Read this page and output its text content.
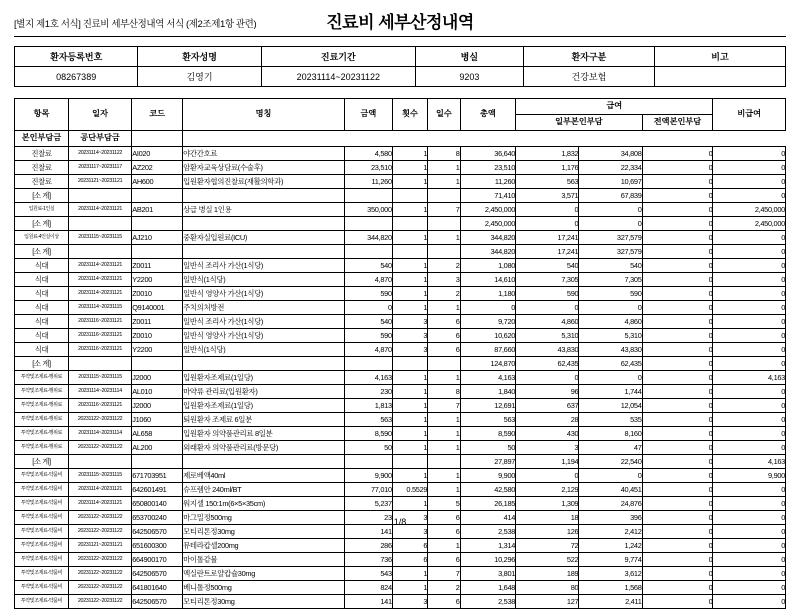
[별지 제1호 서식] 진료비 세부산정내역 서식 (제2조제1항 관련)	진료비 세부산정내역
환자등록번호	환자성명	진료기간	병실	환자구분	비고
08267389	김영기	20231114~20231122	9203	건강보험	
항목	일자	코드	명칭	금액	횟수	일수	총액	급여			비급여
								일부본인부담		전액본인부담	
본인부담금	공단부담금										
진찰료	20231114~20231122	AI020	야간간호료	4,580	1	8	36,640	1,832	34,808	0	0
진찰료	20231117~20231117	AZ202	암환자교육상담료(수술후)	23,510	1	1	23,510	1,176	22,334	0	0
진찰료	20231121~20231121	AH600	입원환자협의진찰료(재활의학과)	11,260	1	1	11,260	563	10,697	0	0
[소 계]							71,410	3,571	67,839	0	0
입원료-1인실	20231114~20231121	AB201	상급 병실 1인용	350,000	1	7	2,450,000	0	0	0	2,450,000
[소 계]							2,450,000	0	0	0	2,450,000
입원료-4인실이상	20231115~20231115	AJ210	중환자실입원료(ICU)	344,820	1	1	344,820	17,241	327,579	0	0
[소 계]							344,820	17,241	327,579	0	0
식대	20231114~20231121	Z0011	일반식 조리사 가산(1식당)	540	1	2	1,080	540	540	0	0
식대	20231114~20231121	Y2200	일반식(1식당)	4,870	1	3	14,610	7,305	7,305	0	0
식대	20231114~20231121	Z0010	일반식 영양사 가산(1식당)	590	1	2	1,180	590	590	0	0
식대	20231114~20231115	Q9140001	주치의처방전	0	1	1	0	0	0	0	0
식대	20231116~20231121	Z0011	일반식 조리사 가산(1식당)	540	3	6	9,720	4,860	4,860	0	0
식대	20231116~20231121	Z0010	일반식 영양사 가산(1식당)	590	3	6	10,620	5,310	5,310	0	0
식대	20231116~20231121	Y2200	일반식(1식당)	4,870	3	6	87,660	43,830	43,830	0	0
[소 계]							124,870	62,435	62,435	0	0
투약및조제료-행위료	20231115~20231115	J2000	입원환자조제료(1일당)	4,163	1	1	4,163	0	0	0	4,163
투약및조제료-행위료	20231114~20231114	AL010	마약류 관리료(입원환자)	230	1	8	1,840	96	1,744	0	0
투약및조제료-행위료	20231116~20231121	J2000	입원환자조제료(1일당)	1,813	1	7	12,691	637	12,054	0	0
투약및조제료-행위료	20231122~20231122	J1060	퇴원환자 조제료 6일분	563	1	1	563	28	535	0	0
투약및조제료-행위료	20231114~20231114	AL658	입원환자 의약품관리료 8일분	8,590	1	1	8,590	430	8,160	0	0
투약및조제료-행위료	20231122~20231122	AL200	외래환자 의약품관리료(방문당)	50	1	1	50	3	47	0	0
[소 계]							27,897	1,194	22,540	0	4,163
투약및조제료-약품비	20231115~20231115	671703951	제로베액40ml	9,900	1	1	9,900	0	0	0	9,900
투약및조제료-약품비	20231114~20231121	642601491	슈프렘안 240ml/BT	77,010	0.5529	1	42,580	2,129	40,451	0	0
투약및조제료-약품비	20231114~20231121	650800140	워지셀 150:1m(6×5×35cm)	5,237	1	5	26,185	1,309	24,876	0	0
투약및조제료-약품비	20231122~20231122	653700240	마그밀정500mg	23	3	6	414	18	396	0	0
투약및조제료-약품비	20231122~20231122	642506570	모티리톤정30mg	141	3	6	2,538	126	2,412	0	0
투약및조제료-약품비	20231121~20231121	651600300	뮤테라캅셀200mg	286	6	1	1,314	72	1,242	0	0
투약및조제료-약품비	20231122~20231122	664900170	마이톨같뮬	736	6	6	10,296	522	9,774	0	0
투약및조제료-약품비	20231122~20231122	642506570	멕실란트로얄캅슐30mg	543	1	7	3,801	189	3,612	0	0
투약및조제료-약품비	20231122~20231122	641801640	베니톨정500mg	824	1	2	1,648	80	1,568	0	0
투약및조제료-약품비	20231122~20231122	642506570	모티리톤정30mg	141	3	6	2,538	127	2,411	0	0
1/8
